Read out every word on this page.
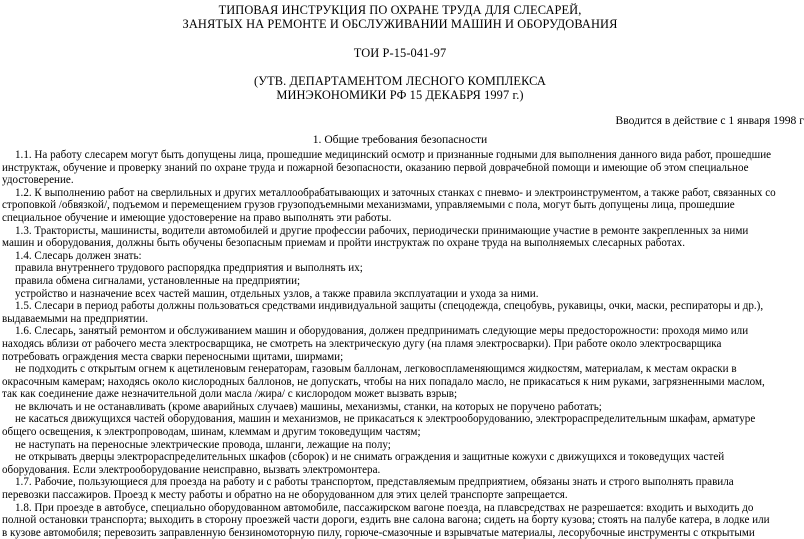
ТИПОВАЯ ИНСТРУКЦИЯ ПО ОХРАНЕ ТРУДА ДЛЯ СЛЕСАРЕЙ,
ЗАНЯТЫХ НА РЕМОНТЕ И ОБСЛУЖИВАНИИ МАШИН И ОБОРУДОВАНИЯ
ТОИ Р-15-041-97
(УТВ. ДЕПАРТАМЕНТОМ ЛЕСНОГО КОМПЛЕКСА
МИНЭКОНОМИКИ РФ 15 ДЕКАБРЯ 1997 г.)
Вводится в действие с 1 января 1998 г
1. Общие требования безопасности
1.1. На работу слесарем могут быть допущены лица, прошедшие медицинский осмотр и признанные годными для выполнения данного вида работ, прошедшие
инструктаж, обучение и проверку знаний по охране труда и пожарной безопасности, оказанию первой доврачебной помощи и имеющие об этом специальное
удостоверение.
1.2. К выполнению работ на сверлильных и других металлообрабатывающих и заточных станках с пневмо- и электроинструментом, а также работ, связанных со
строповкой /обвязкой/, подъемом и перемещением грузов грузоподъемными механизмами, управляемыми с пола, могут быть допущены лица, прошедшие
специальное обучение и имеющие удостоверение на право выполнять эти работы.
1.3. Трактористы, машинисты, водители автомобилей и другие профессии рабочих, периодически принимающие участие в ремонте закрепленных за ними
машин и оборудования, должны быть обучены безопасным приемам и пройти инструктаж по охране труда на выполняемых слесарных работах.
1.4. Слесарь должен знать:
правила внутреннего трудового распорядка предприятия и выполнять их;
правила обмена сигналами, установленные на предприятии;
устройство и назначение всех частей машин, отдельных узлов, а также правила эксплуатации и ухода за ними.
1.5. Слесари в период работы должны пользоваться средствами индивидуальной защиты (спецодежда, спецобувь, рукавицы, очки, маски, респираторы и др.),
выдаваемыми на предприятии.
1.6. Слесарь, занятый ремонтом и обслуживанием машин и оборудования, должен предпринимать следующие меры предосторожности: проходя мимо или
находясь вблизи от рабочего места электросварщика, не смотреть на электрическую дугу (на пламя электросварки). При работе около электросварщика
потребовать ограждения места сварки переносными щитами, ширмами;
не подходить с открытым огнем к ацетиленовым генераторам, газовым баллонам, легковоспламеняющимся жидкостям, материалам, к местам окраски в
окрасочным камерам; находясь около кислородных баллонов, не допускать, чтобы на них попадало масло, не прикасаться к ним руками, загрязненными маслом,
так как соединение даже незначительной доли масла /жира/ с кислородом может вызвать взрыв;
не включать и не останавливать (кроме аварийных случаев) машины, механизмы, станки, на которых не поручено работать;
не касаться движущихся частей оборудования, машин и механизмов, не прикасаться к электрооборудованию, электрораспределительным шкафам, арматуре
общего освещения, к электропроводам, шинам, клеммам и другим токоведущим частям;
не наступать на переносные электрические провода, шланги, лежащие на полу;
не открывать дверцы электрораспределительных шкафов (сборок) и не снимать ограждения и защитные кожухи с движущихся и токоведущих частей
оборудования. Если электрооборудование неисправно, вызвать электромонтера.
1.7. Рабочие, пользующиеся для проезда на работу и с работы транспортом, представляемым предприятием, обязаны знать и строго выполнять правила
перевозки пассажиров. Проезд к месту работы и обратно на не оборудованном для этих целей транспорте запрещается.
1.8. При проезде в автобусе, специально оборудованном автомобиле, пассажирском вагоне поезда, на плавсредствах не разрешается: входить и выходить до
полной остановки транспорта; выходить в сторону проезжей части дороги, ездить вне салона вагона; сидеть на борту кузова; стоять на палубе катера, в лодке или
в кузове автомобиля; перевозить заправленную бензиномоторную пилу, горюче-смазочные и взрывчатые материалы, лесорубочные инструменты с открытыми
